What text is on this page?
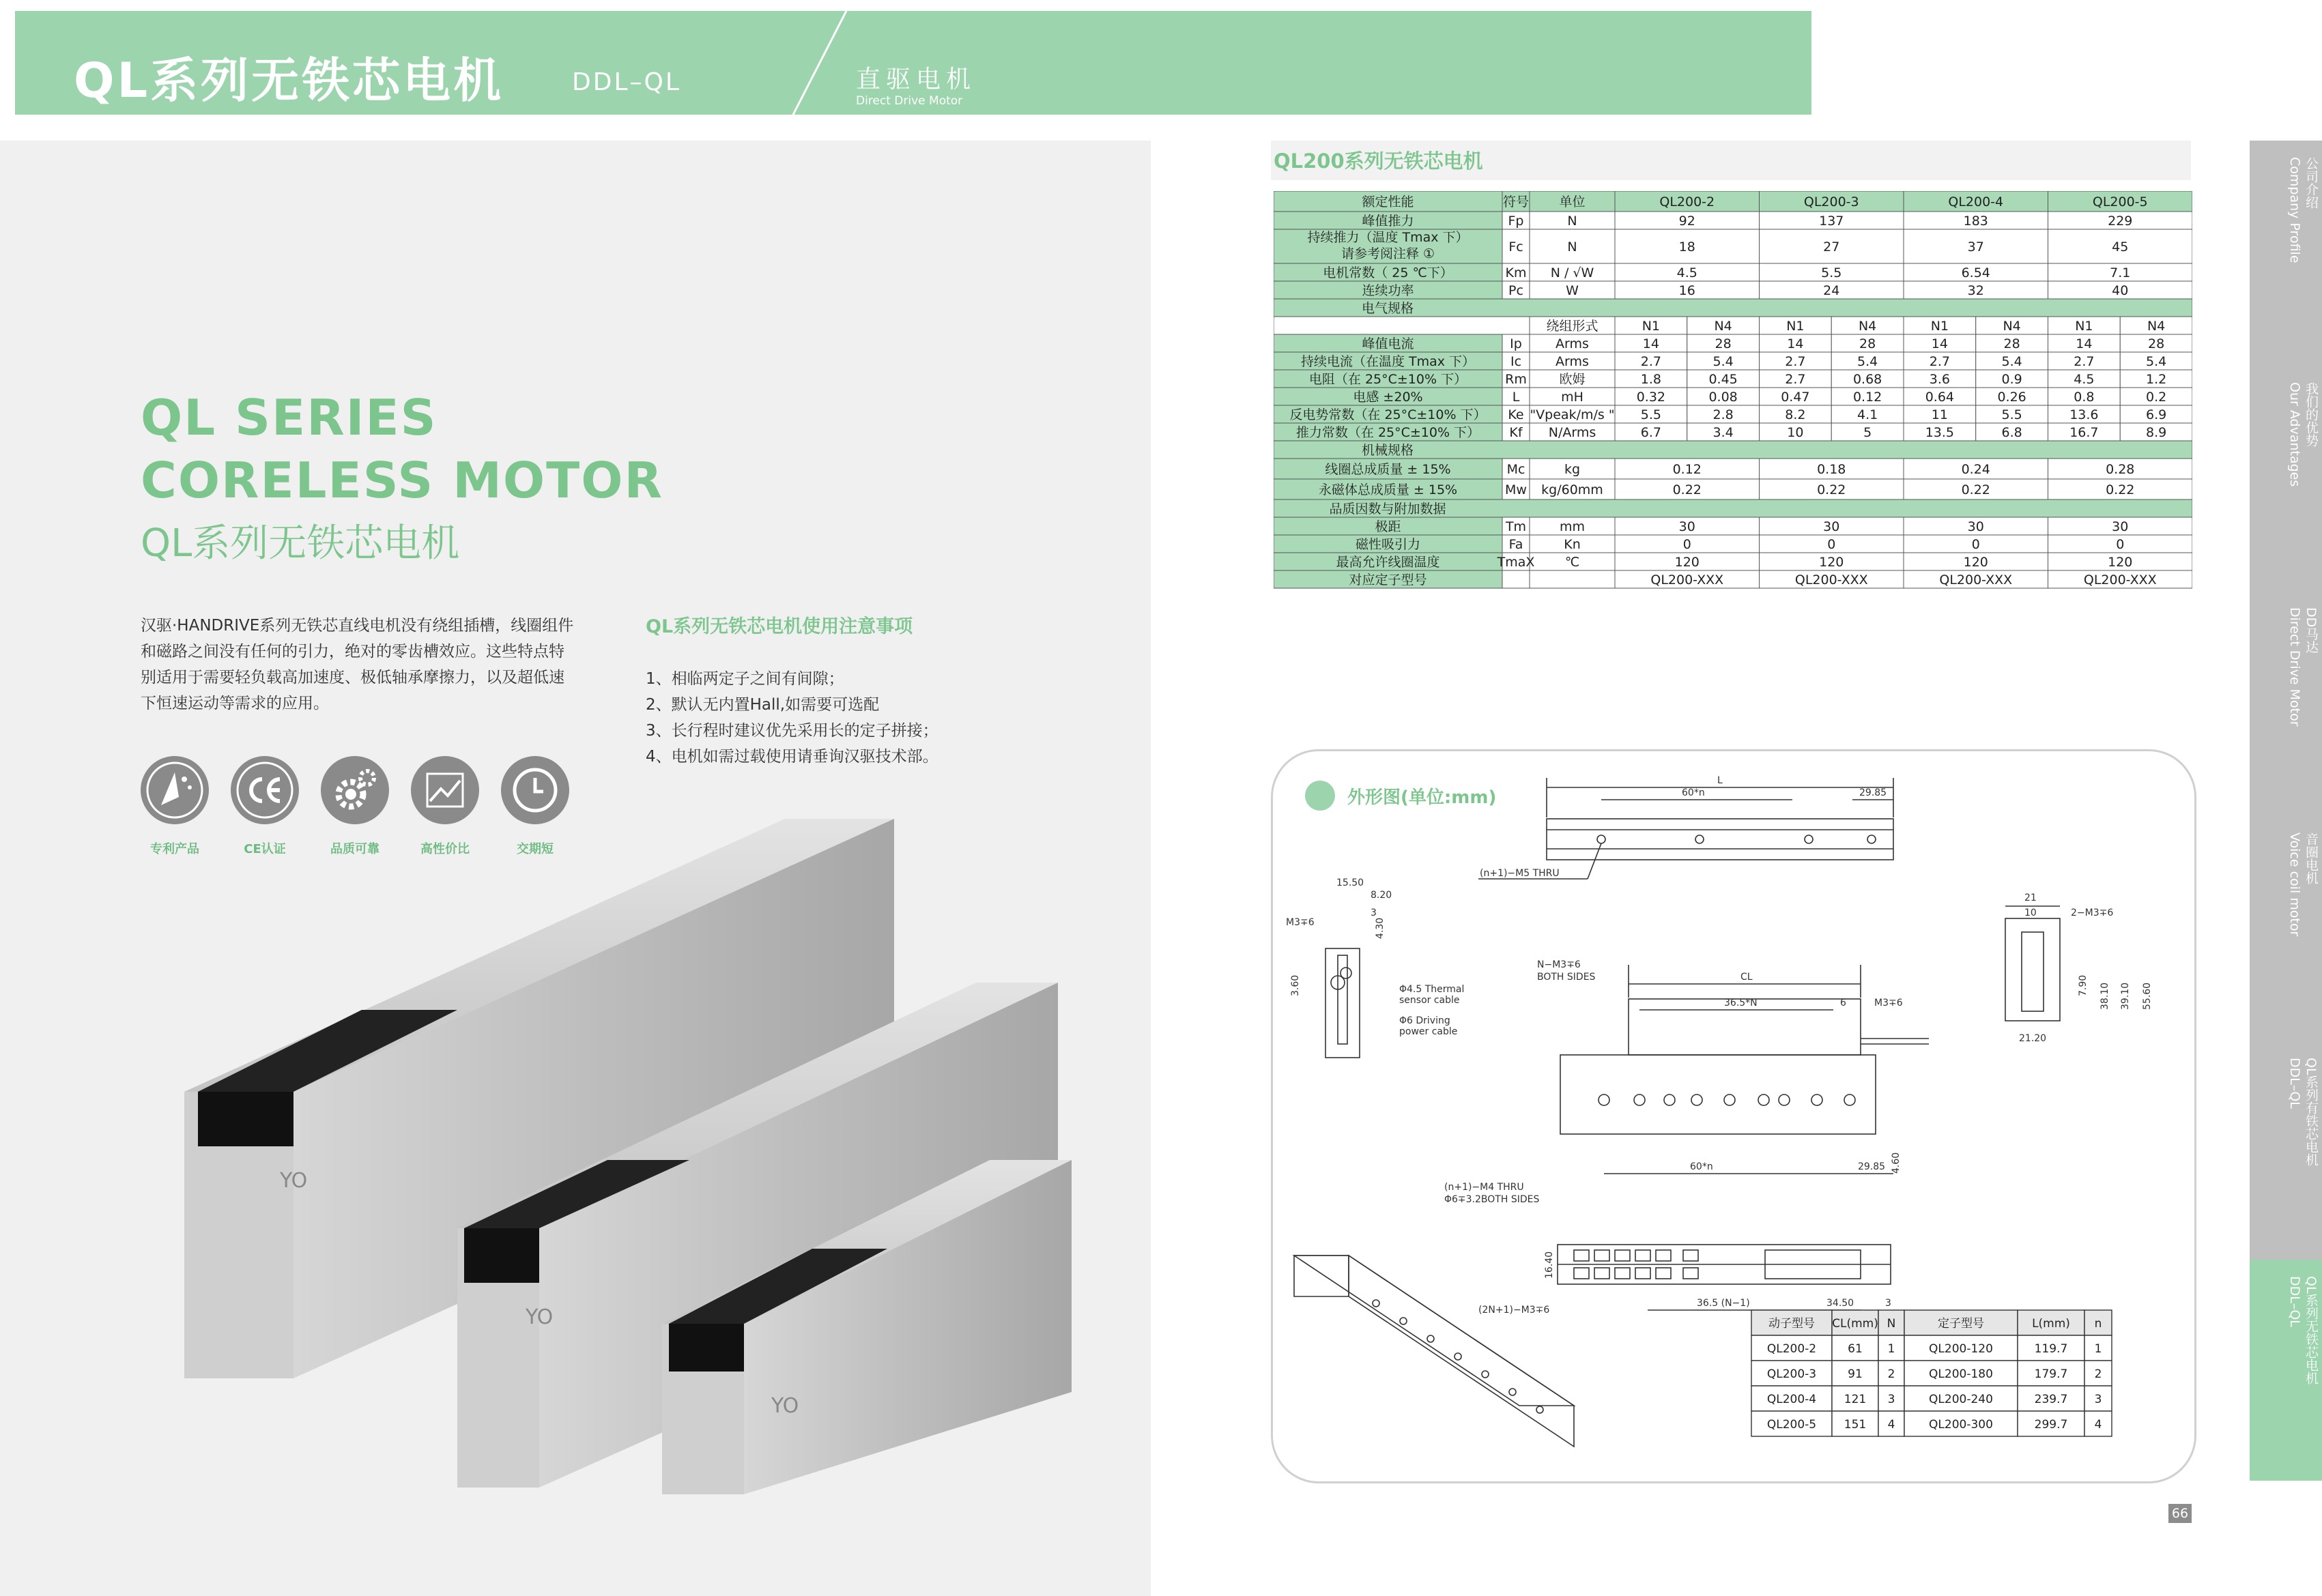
QL系列无铁芯电机	DDL–QL	直驱电机
Direct Drive Motor
QL SERIES
CORELESS MOTOR
QL系列无铁芯电机
汉驱·HANDRIVE系列无铁芯直线电机没有绕组插槽，线圈组件和磁路之间没有任何的引力，绝对的零齿槽效应。这些特点特别适用于需要轻负载高加速度、极低轴承摩擦力，以及超低速下恒速运动等需求的应用。
QL系列无铁芯电机使用注意事项
1、相临两定子之间有间隙；
2、默认无内置Hall,如需要可选配
3、长行程时建议优先采用长的定子拼接；
4、电机如需过载使用请垂询汉驱技术部。
专利产品	CE认证	品质可靠	高性价比	交期短
YO
YO
YO
QL200系列无铁芯电机
额定性能	符号 单位	QL200-2	QL200-3	QL200-4	QL200-5
峰值推力	Fp	N	92	137	183	229
持续推力（温度 Tmax 下）
请参考阅注释 ①	Fc	N	18	27	37	45
电机常数（ 25 ℃下）	Km N / √W	4.5	5.5	6.54	7.1
连续功率	Pc	W	16	24	32	40
电气规格
绕组形式	N1	N4	N1	N4	N1	N4	N1	N4
峰值电流	Ip	Arms	14	28	14	28	14	28	14	28
持续电流（在温度 Tmax 下）	Ic	Arms	2.7	5.4	2.7	5.4	2.7	5.4	2.7	5.4
电阻（在 25°C±10% 下）	Rm	欧姆	1.8	0.45	2.7	0.68	3.6	0.9	4.5	1.2
电感 ±20%	L	mH	0.32	0.08	0.47	0.12	0.64	0.26	0.8	0.2
反电势常数（在 25°C±10% 下） Ke "Vpeak/m/s " 5.5	2.8	8.2	4.1	11	5.5	13.6	6.9
推力常数（在 25°C±10% 下） Kf N/Arms	6.7	3.4	10	5	13.5	6.8	16.7	8.9
机械规格
线圈总成质量 ± 15%	Mc	kg	0.12	0.18	0.24	0.28
永磁体总成质量 ± 15%	Mw kg/60mm	0.22	0.22	0.22	0.22
品质因数与附加数据
极距	Tm	mm	30	30	30	30
磁性吸引力	Fa	Kn	0	0	0	0
最高允许线圈温度	TmaX ℃	120	120	120	120
对应定子型号	QL200-XXX	QL200-XXX	QL200-XXX	QL200-XXX
外形图(单位:mm)
L
60*n	29.85
(n+1)−M5 THRU
CL
36.5*N	6	M3∓6
N−M3∓6
BOTH SIDES
60*n	29.85
(n+1)−M4 THRU
Φ6∓3.2BOTH SIDES
4.60
16.40
36.5 (N−1)	34.50	3
(2N+1)−M3∓6
15.50
8.20
3
4.30
M3∓6
3.60	Φ4.5 Thermal
sensor cable
Φ6 Driving
power cable
21
10	2−M3∓6
7.90 38.10 39.10 55.60
21.20
动子型号 CL(mm) N	定子型号	L(mm) n
QL200-2	61 1	QL200-120	119.7 1
QL200-3	91 2	QL200-180	179.7 2
QL200-4 121 3	QL200-240	239.7 3
QL200-5 151 4	QL200-300	299.7 4
66
公司介绍
Company Profile
我们的优势
Our Advantages
DD马达
Direct Drive Motor
音圈电机
Voice coil motor
QL系列有铁芯电机
DDL–QL
QL系列无铁芯电机
DDL–QL
